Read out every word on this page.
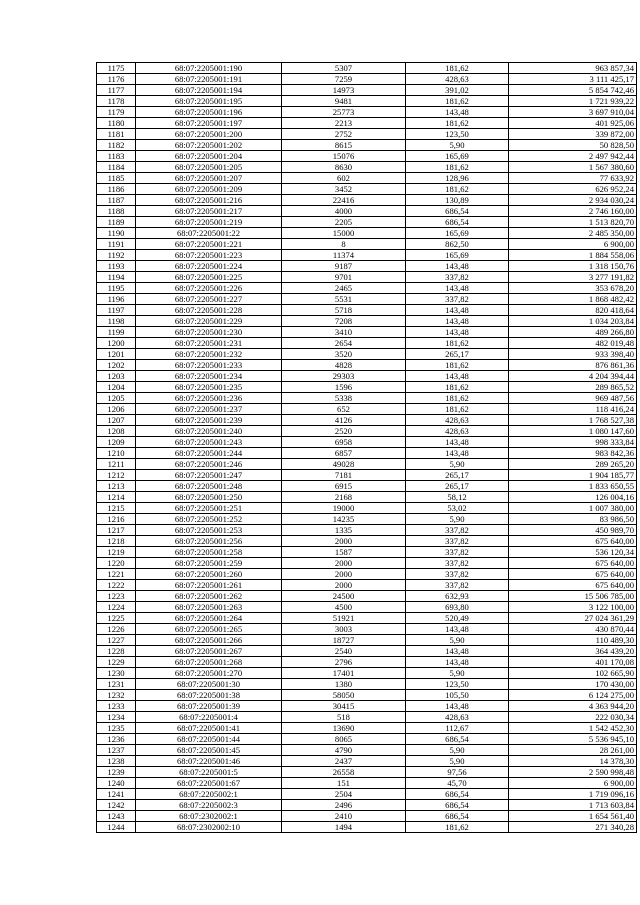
1175	68:07:2205001:190	5307	181,62	963 857,34
1176	68:07:2205001:191	7259	428,63	3 111 425,17
1177	68:07:2205001:194	14973	391,02	5 854 742,46
1178	68:07:2205001:195	9481	181,62	1 721 939,22
1179	68:07:2205001:196	25773	143,48	3 697 910,04
1180	68:07:2205001:197	2213	181,62	401 925,06
1181	68:07:2205001:200	2752	123,50	339 872,00
1182	68:07:2205001:202	8615	5,90	50 828,50
1183	68:07:2205001:204	15076	165,69	2 497 942,44
1184	68:07:2205001:205	8630	181,62	1 567 380,60
1185	68:07:2205001:207	602	128,96	77 633,92
1186	68:07:2205001:209	3452	181,62	626 952,24
1187	68:07:2205001:216	22416	130,89	2 934 030,24
1188	68:07:2205001:217	4000	686,54	2 746 160,00
1189	68:07:2205001:219	2205	686,54	1 513 820,70
1190	68:07:2205001:22	15000	165,69	2 485 350,00
1191	68:07:2205001:221	8	862,50	6 900,00
1192	68:07:2205001:223	11374	165,69	1 884 558,06
1193	68:07:2205001:224	9187	143,48	1 318 150,76
1194	68:07:2205001:225	9701	337,82	3 277 191,82
1195	68:07:2205001:226	2465	143,48	353 678,20
1196	68:07:2205001:227	5531	337,82	1 868 482,42
1197	68:07:2205001:228	5718	143,48	820 418,64
1198	68:07:2205001:229	7208	143,48	1 034 203,84
1199	68:07:2205001:230	3410	143,48	489 266,80
1200	68:07:2205001:231	2654	181,62	482 019,48
1201	68:07:2205001:232	3520	265,17	933 398,40
1202	68:07:2205001:233	4828	181,62	876 861,36
1203	68:07:2205001:234	29303	143,48	4 204 394,44
1204	68:07:2205001:235	1596	181,62	289 865,52
1205	68:07:2205001:236	5338	181,62	969 487,56
1206	68:07:2205001:237	652	181,62	118 416,24
1207	68:07:2205001:239	4126	428,63	1 768 527,38
1208	68:07:2205001:240	2520	428,63	1 080 147,60
1209	68:07:2205001:243	6958	143,48	998 333,84
1210	68:07:2205001:244	6857	143,48	983 842,36
1211	68:07:2205001:246	49028	5,90	289 265,20
1212	68:07:2205001:247	7181	265,17	1 904 185,77
1213	68:07:2205001:248	6915	265,17	1 833 650,55
1214	68:07:2205001:250	2168	58,12	126 004,16
1215	68:07:2205001:251	19000	53,02	1 007 380,00
1216	68:07:2205001:252	14235	5,90	83 986,50
1217	68:07:2205001:253	1335	337,82	450 989,70
1218	68:07:2205001:256	2000	337,82	675 640,00
1219	68:07:2205001:258	1587	337,82	536 120,34
1220	68:07:2205001:259	2000	337,82	675 640,00
1221	68:07:2205001:260	2000	337,82	675 640,00
1222	68:07:2205001:261	2000	337,82	675 640,00
1223	68:07:2205001:262	24500	632,93	15 506 785,00
1224	68:07:2205001:263	4500	693,80	3 122 100,00
1225	68:07:2205001:264	51921	520,49	27 024 361,29
1226	68:07:2205001:265	3003	143,48	430 870,44
1227	68:07:2205001:266	18727	5,90	110 489,30
1228	68:07:2205001:267	2540	143,48	364 439,20
1229	68:07:2205001:268	2796	143,48	401 170,08
1230	68:07:2205001:270	17401	5,90	102 665,90
1231	68:07:2205001:30	1380	123,50	170 430,00
1232	68:07:2205001:38	58050	105,50	6 124 275,00
1233	68:07:2205001:39	30415	143,48	4 363 944,20
1234	68:07:2205001:4	518	428,63	222 030,34
1235	68:07:2205001:41	13690	112,67	1 542 452,30
1236	68:07:2205001:44	8065	686,54	5 536 945,10
1237	68:07:2205001:45	4790	5,90	28 261,00
1238	68:07:2205001:46	2437	5,90	14 378,30
1239	68:07:2205001:5	26558	97,56	2 590 998,48
1240	68:07:2205001:67	151	45,70	6 900,00
1241	68:07:2205002:1	2504	686,54	1 719 096,16
1242	68:07:2205002:3	2496	686,54	1 713 603,84
1243	68:07:2302002:1	2410	686,54	1 654 561,40
1244	68:07:2302002:10	1494	181,62	271 340,28
